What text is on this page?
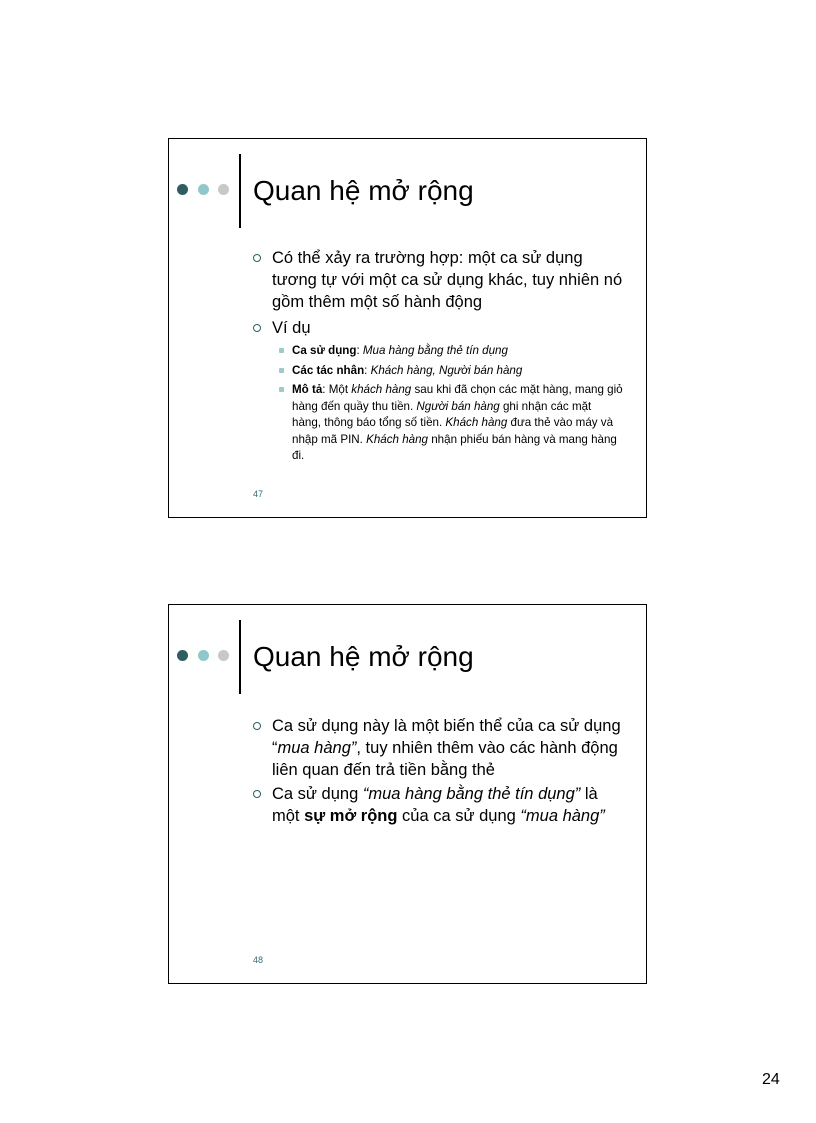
Quan hệ mở rộng
Có thể xảy ra trường hợp: một ca sử dụng tương tự với một ca sử dụng khác, tuy nhiên nó gồm thêm một số hành động
Ví dụ
Ca sử dụng: Mua hàng bằng thẻ tín dụng
Các tác nhân: Khách hàng, Người bán hàng
Mô tả: Một khách hàng sau khi đã chọn các mặt hàng, mang giỏ hàng đến quầy thu tiền. Người bán hàng ghi nhận các mặt hàng, thông báo tổng số tiền. Khách hàng đưa thẻ vào máy và nhập mã PIN. Khách hàng nhận phiếu bán hàng và mang hàng đi.
47
Quan hệ mở rộng
Ca sử dụng này là một biến thể của ca sử dụng “mua hàng”, tuy nhiên thêm vào các hành động liên quan đến trả tiền bằng thẻ
Ca sử dụng “mua hàng bằng thẻ tín dụng” là một sự mở rộng của ca sử dụng “mua hàng”
48
24
